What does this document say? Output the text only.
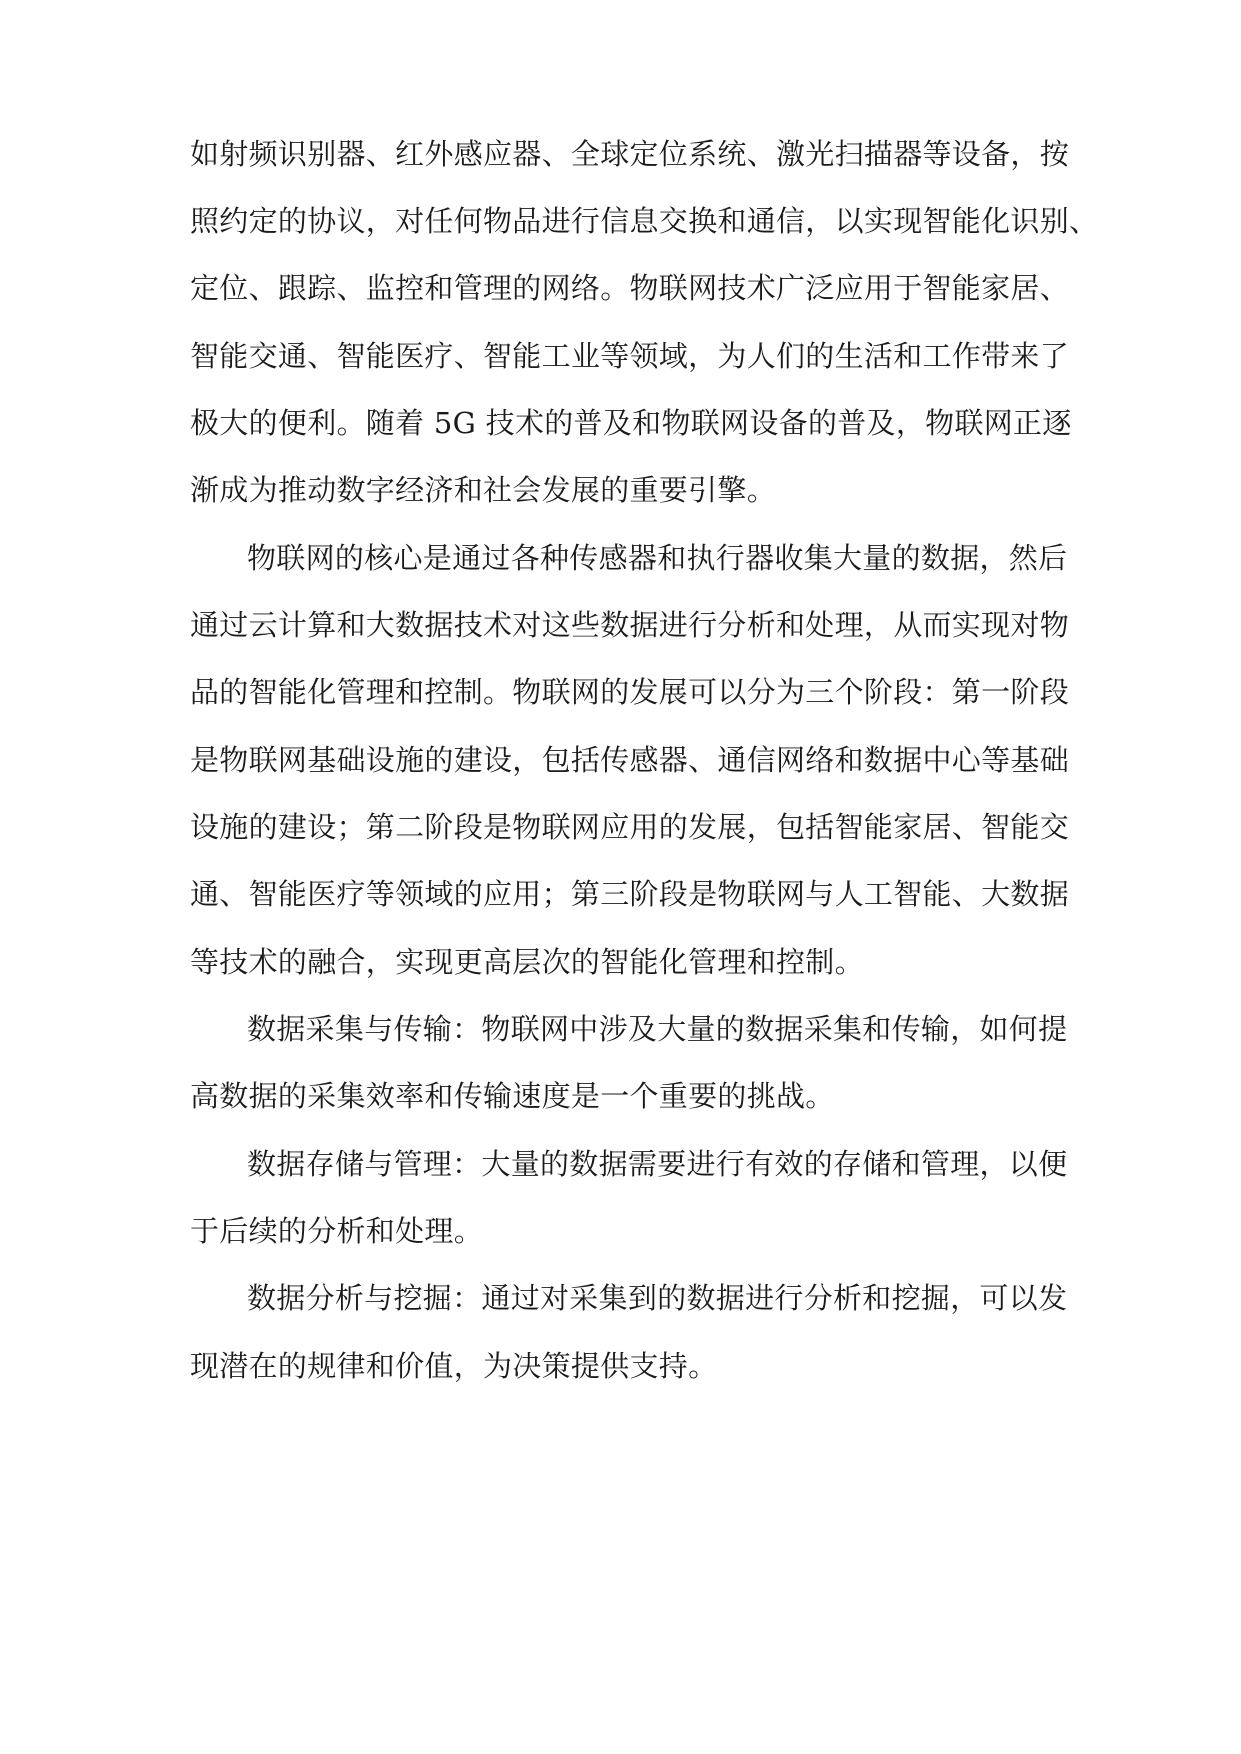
如射频识别器、红外感应器、全球定位系统、激光扫描器等设备，按
照约定的协议，对任何物品进行信息交换和通信，以实现智能化识别、
定位、跟踪、监控和管理的网络。物联网技术广泛应用于智能家居、
智能交通、智能医疗、智能工业等领域，为人们的生活和工作带来了
极大的便利。随着 5G 技术的普及和物联网设备的普及，物联网正逐
渐成为推动数字经济和社会发展的重要引擎。
物联网的核心是通过各种传感器和执行器收集大量的数据，然后
通过云计算和大数据技术对这些数据进行分析和处理，从而实现对物
品的智能化管理和控制。物联网的发展可以分为三个阶段：第一阶段
是物联网基础设施的建设，包括传感器、通信网络和数据中心等基础
设施的建设；第二阶段是物联网应用的发展，包括智能家居、智能交
通、智能医疗等领域的应用；第三阶段是物联网与人工智能、大数据
等技术的融合，实现更高层次的智能化管理和控制。
数据采集与传输：物联网中涉及大量的数据采集和传输，如何提
高数据的采集效率和传输速度是一个重要的挑战。
数据存储与管理：大量的数据需要进行有效的存储和管理，以便
于后续的分析和处理。
数据分析与挖掘：通过对采集到的数据进行分析和挖掘，可以发
现潜在的规律和价值，为决策提供支持。
